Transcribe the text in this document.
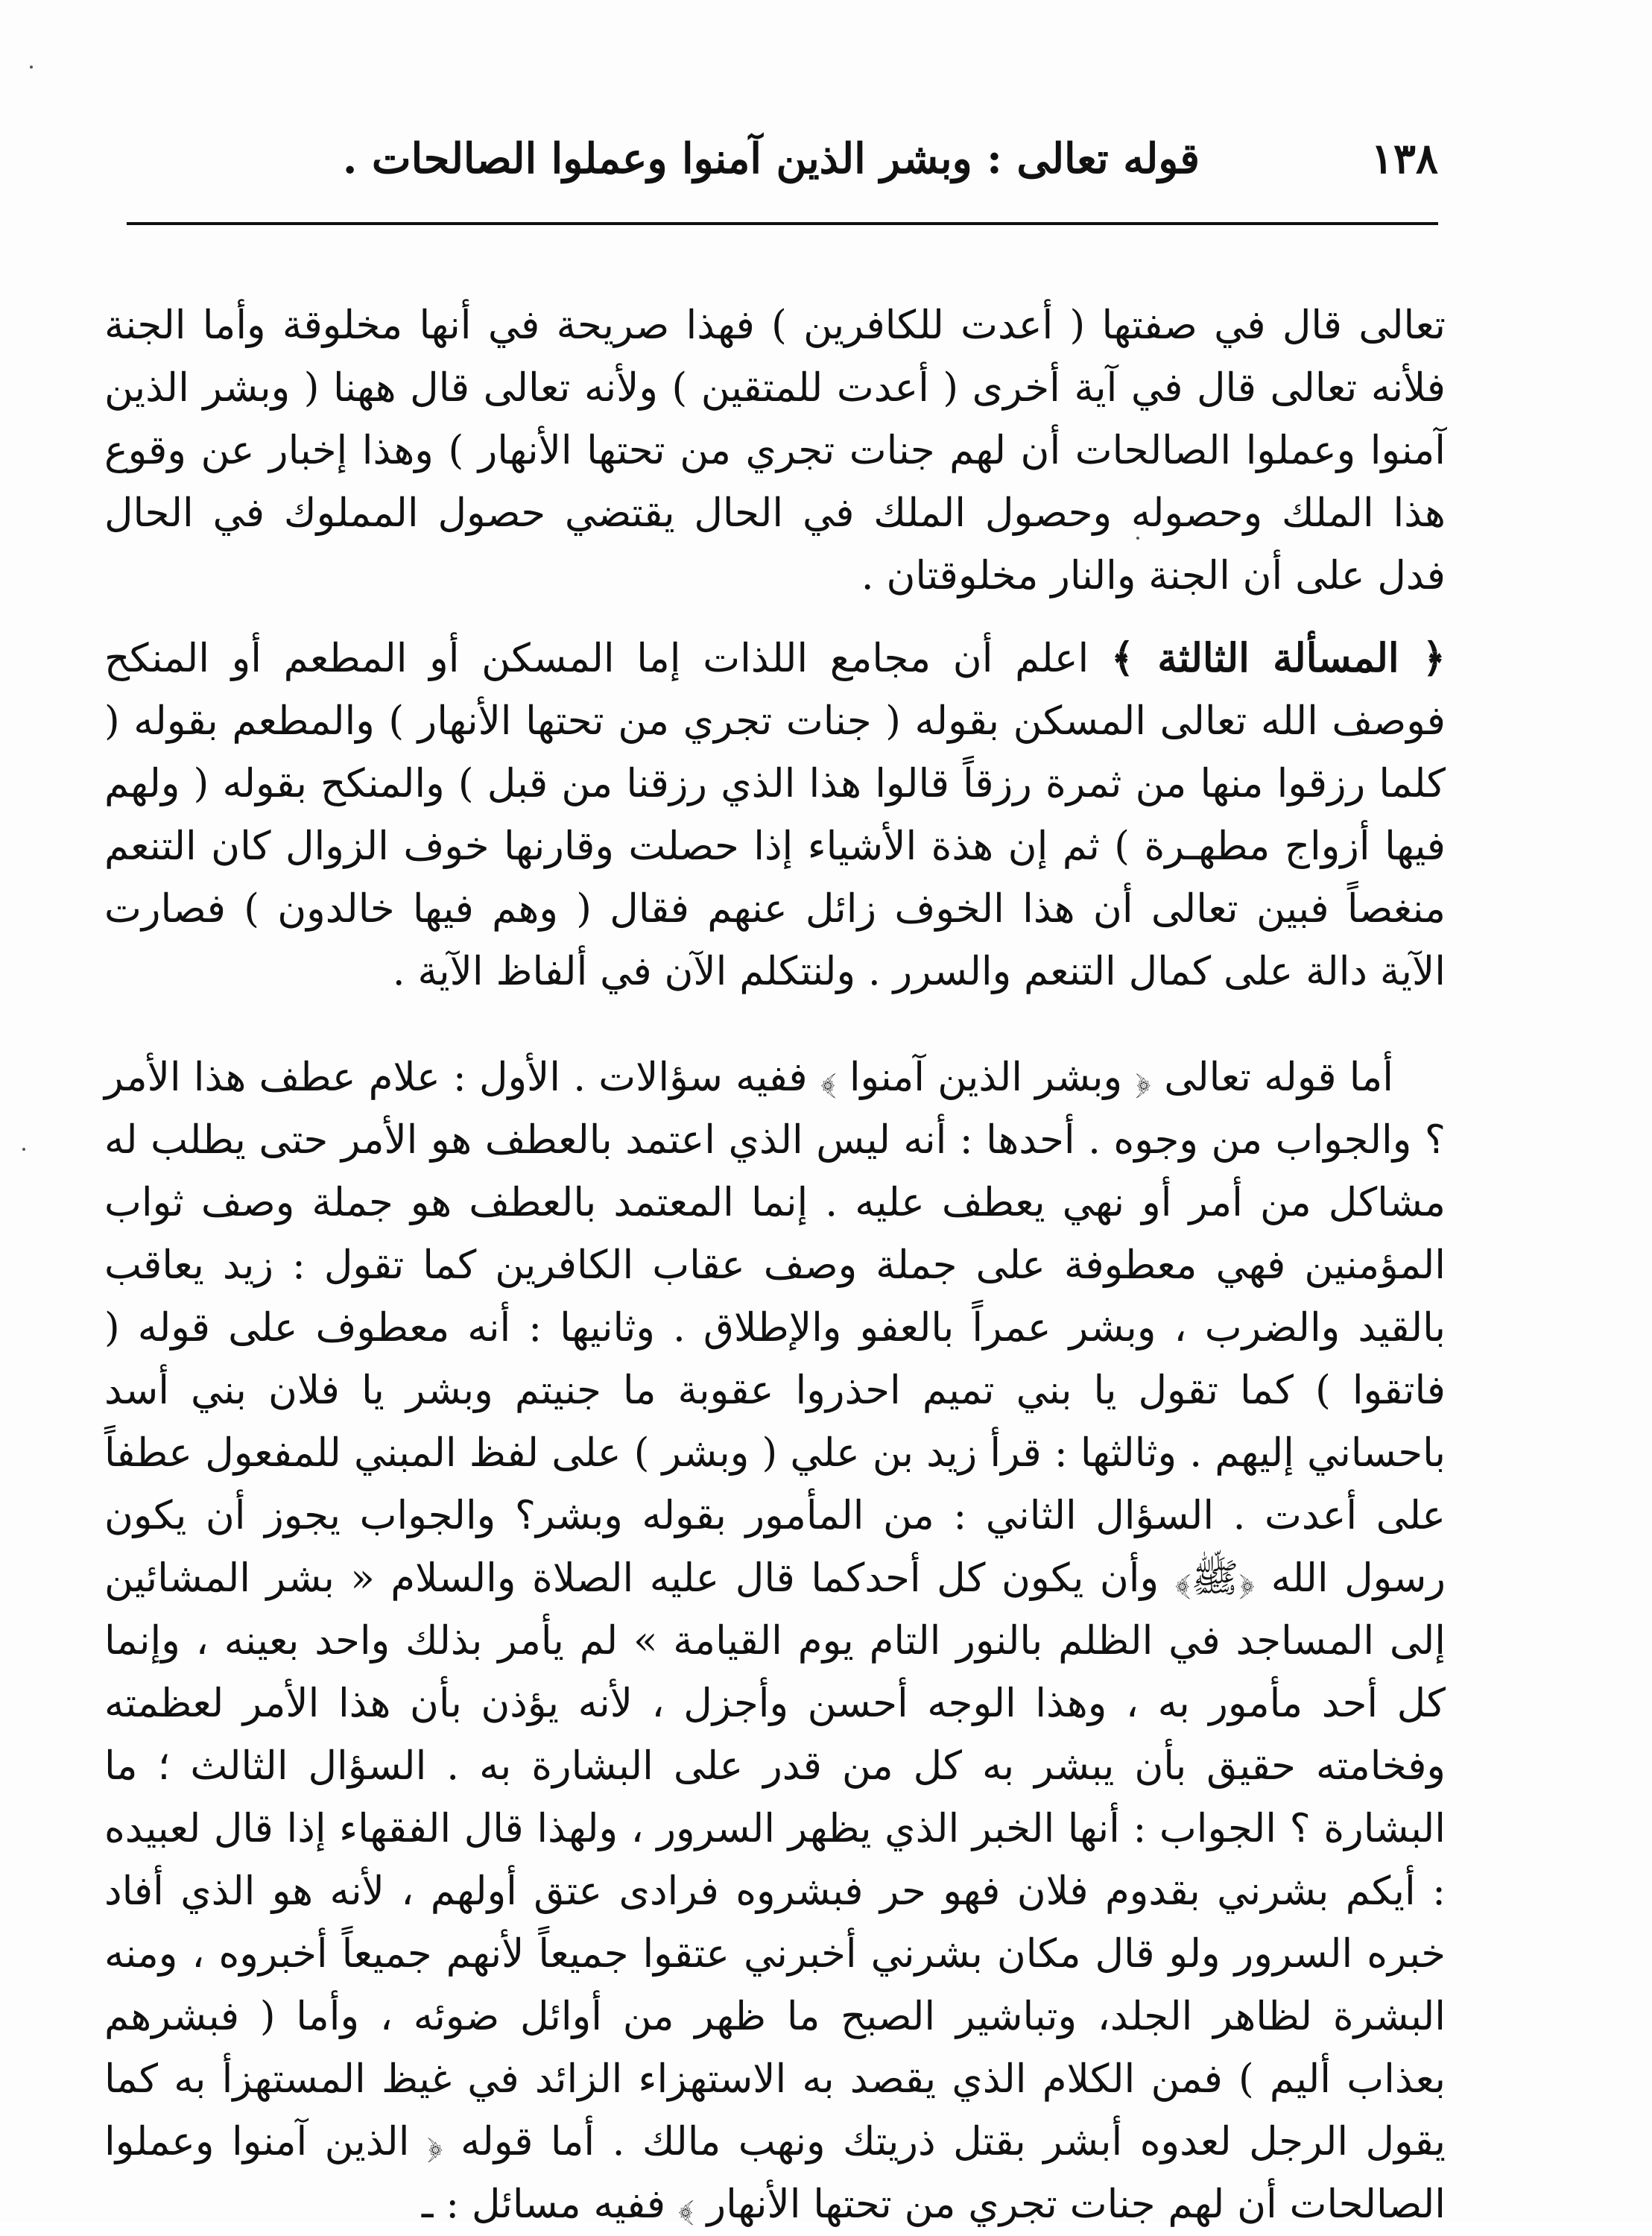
١٣٨
قوله تعالى : وبشر الذين آمنوا وعملوا الصالحات .

تعالى قال في صفتها ( أعدت للكافرين ) فهذا صريحة في أنها مخلوقة وأما الجنة فلأنه تعالى قال في آية أخرى ( أعدت للمتقين ) ولأنه تعالى قال ههنا ( وبشر الذين آمنوا وعملوا الصالحات أن لهم جنات تجري من تحتها الأنهار ) وهذا إخبار عن وقوع هذا الملك وحصوله وحصول الملك في الحال يقتضي حصول المملوك في الحال فدل على أن الجنة والنار مخلوقتان .

﴿ المسألة الثالثة ﴾ اعلم أن مجامع اللذات إما المسكن أو المطعم أو المنكح فوصف الله تعالى المسكن بقوله ( جنات تجري من تحتها الأنهار ) والمطعم بقوله ( كلما رزقوا منها من ثمرة رزقاً قالوا هذا الذي رزقنا من قبل ) والمنكح بقوله ( ولهم فيها أزواج مطهـرة ) ثم إن هذة الأشياء إذا حصلت وقارنها خوف الزوال كان التنعم منغصاً فبين تعالى أن هذا الخوف زائل عنهم فقال ( وهم فيها خالدون ) فصارت الآية دالة على كمال التنعم والسرر . ولنتكلم الآن في ألفاظ الآية .

أما قوله تعالى ﴿ وبشر الذين آمنوا ﴾ ففيه سؤالات . الأول : علام عطف هذا الأمر ؟ والجواب من وجوه . أحدها : أنه ليس الذي اعتمد بالعطف هو الأمر حتى يطلب له مشاكل من أمر أو نهي يعطف عليه . إنما المعتمد بالعطف هو جملة وصف ثواب المؤمنين فهي معطوفة على جملة وصف عقاب الكافرين كما تقول : زيد يعاقب بالقيد والضرب ، وبشر عمراً بالعفو والإطلاق . وثانيها : أنه معطوف على قوله ( فاتقوا ) كما تقول يا بني تميم احذروا عقوبة ما جنيتم وبشر يا فلان بني أسد باحساني إليهم . وثالثها : قرأ زيد بن علي ( وبشر ) على لفظ المبني للمفعول عطفاً على أعدت . السؤال الثاني : من المأمور بقوله وبشر؟ والجواب يجوز أن يكون رسول الله ﴿ﷺ﴾ وأن يكون كل أحدكما قال عليه الصلاة والسلام « بشر المشائين إلى المساجد في الظلم بالنور التام يوم القيامة » لم يأمر بذلك واحد بعينه ، وإنما كل أحد مأمور به ، وهذا الوجه أحسن وأجزل ، لأنه يؤذن بأن هذا الأمر لعظمته وفخامته حقيق بأن يبشر به كل من قدر على البشارة به . السؤال الثالث ؛ ما البشارة ؟ الجواب : أنها الخبر الذي يظهر السرور ، ولهذا قال الفقهاء إذا قال لعبيده : أيكم بشرني بقدوم فلان فهو حر فبشروه فرادى عتق أولهم ، لأنه هو الذي أفاد خبره السرور ولو قال مكان بشرني أخبرني عتقوا جميعاً لأنهم جميعاً أخبروه ، ومنه البشرة لظاهر الجلد، وتباشير الصبح ما ظهر من أوائل ضوئه ، وأما ( فبشرهم بعذاب أليم ) فمن الكلام الذي يقصد به الاستهزاء الزائد في غيظ المستهزأ به كما يقول الرجل لعدوه أبشر بقتل ذريتك ونهب مالك . أما قوله ﴿ الذين آمنوا وعملوا الصالحات أن لهم جنات تجري من تحتها الأنهار ﴾ ففيه مسائل : ـ
